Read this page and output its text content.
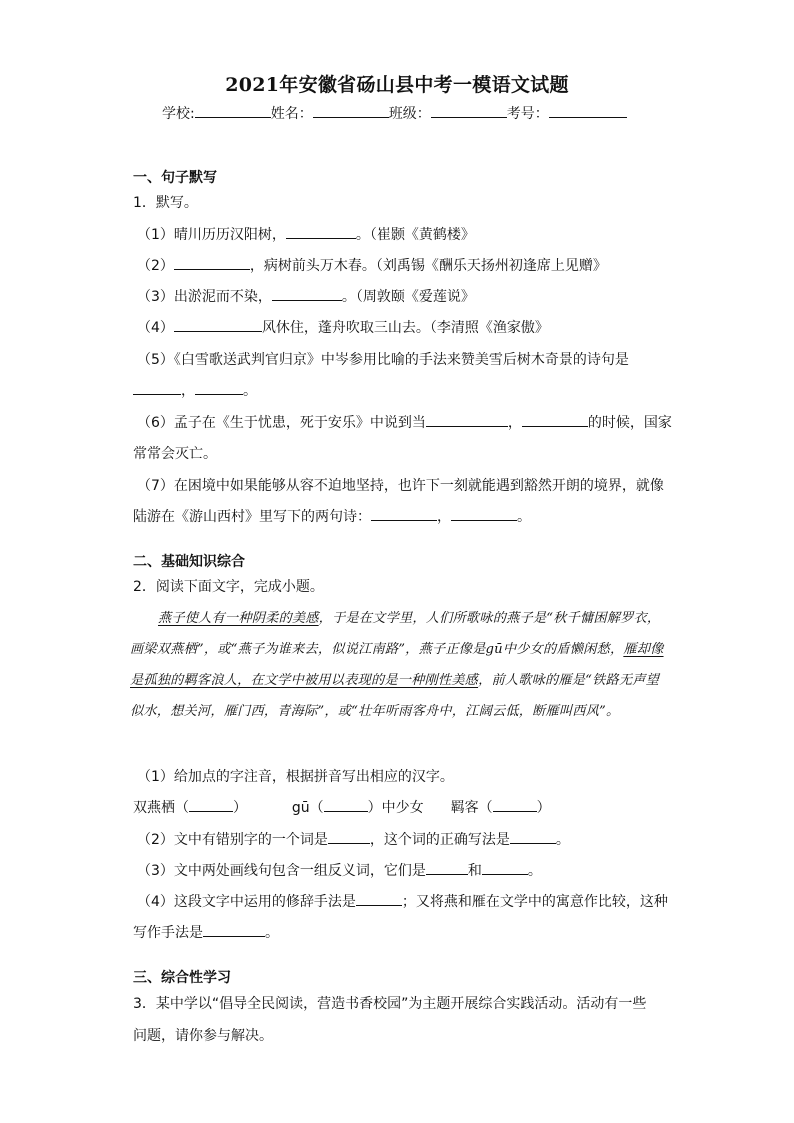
2021年安徽省砀山县中考一模语文试题
学校:	姓名：	班级：	考号：
一、句子默写
1．默写。
（1）晴川历历汉阳树，	。（崔颢《黄鹤楼》
（2）	，病树前头万木春。（刘禹锡《酬乐天扬州初逢席上见赠》
（3）出淤泥而不染，	。（周敦颐《爱莲说》
（4）	风休住，蓬舟吹取三山去。（李清照《渔家傲》
（5）《白雪歌送武判官归京》中岑参用比喻的手法来赞美雪后树木奇景的诗句是
，	。
（6）孟子在《生于忧患，死于安乐》中说到当	，	的时候，国家
常常会灭亡。
（7）在困境中如果能够从容不迫地坚持，也许下一刻就能遇到豁然开朗的境界，就像
陆游在《游山西村》里写下的两句诗：	，	。
二、基础知识综合
2．阅读下面文字，完成小题。
燕子使人有一种阴柔的美感，于是在文学里，人们所歌咏的燕子是“秋千慵困解罗衣，画梁双燕栖”，或“燕子为谁来去，似说江南路”，燕子正像是gū中少女的盾懒闲愁，雁却像是孤独的羁客浪人，在文学中被用以表现的是一种刚性美感，前人歌咏的雁是“铁路无声望似水，想关河，雁门西，青海际”，或“壮年听雨客舟中，江阔云低，断雁叫西风”。
（1）给加点的字注音，根据拼音写出相应的汉字。
双燕栖（	）	gū（	）中少女 羁客（	）
（2）文中有错别字的一个词是	，这个词的正确写法是	。
（3）文中两处画线句包含一组反义词，它们是	和	。
（4）这段文字中运用的修辞手法是	；又将燕和雁在文学中的寓意作比较，这种
写作手法是	。
三、综合性学习
3．某中学以“倡导全民阅读，营造书香校园”为主题开展综合实践活动。活动有一些
问题，请你参与解决。
